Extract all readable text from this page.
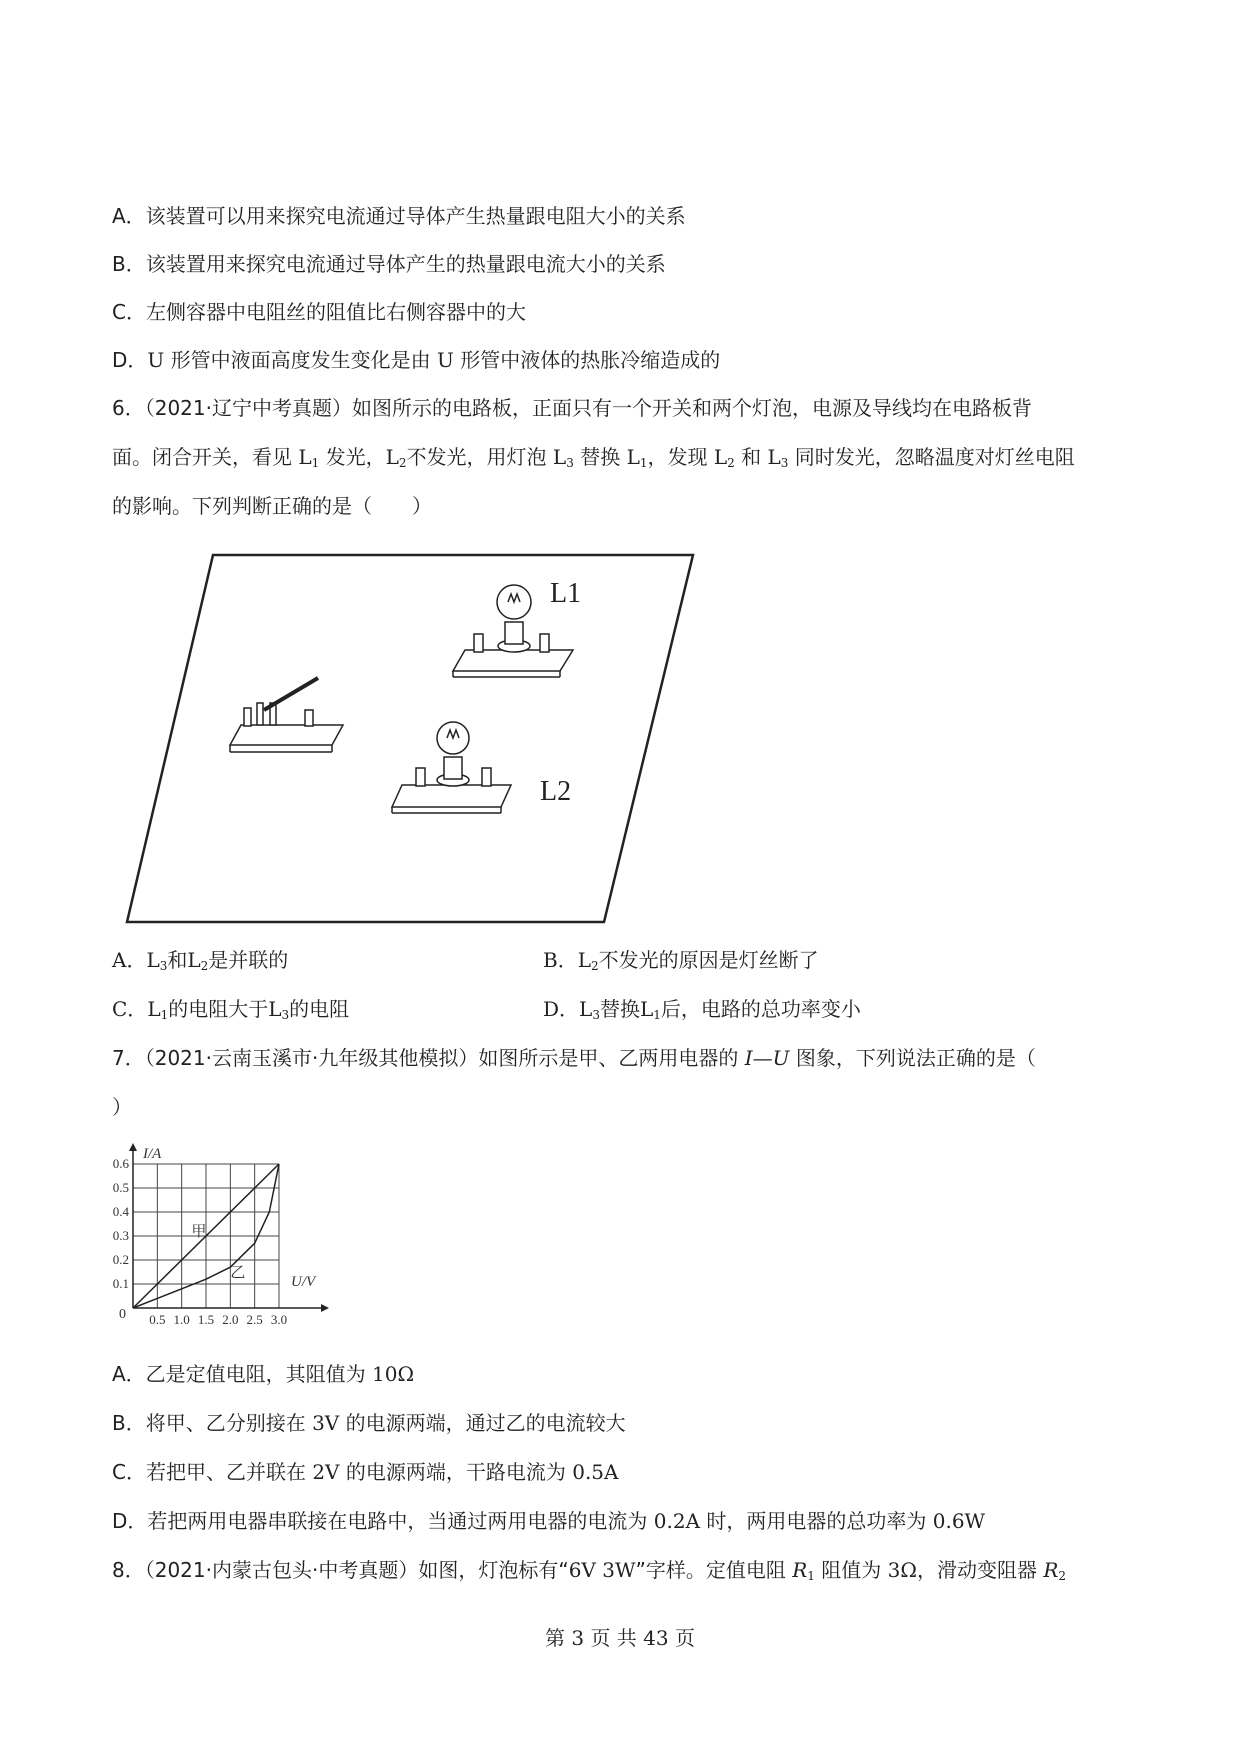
A．该装置可以用来探究电流通过导体产生热量跟电阻大小的关系
B．该装置用来探究电流通过导体产生的热量跟电流大小的关系
C．左侧容器中电阻丝的阻值比右侧容器中的大
D．U 形管中液面高度发生变化是由 U 形管中液体的热胀冷缩造成的
6．（2021·辽宁中考真题）如图所示的电路板，正面只有一个开关和两个灯泡，电源及导线均在电路板背
面。闭合开关，看见 $L_1$ 发光，$L_2$不发光，用灯泡 $L_3$ 替换 $L_1$，发现 $L_2$ 和 $L_3$ 同时发光，忽略温度对灯丝电阻
的影响。下列判断正确的是（　　）
L1
L2
A．$L_3$和$L_2$是并联的	B．$L_2$不发光的原因是灯丝断了
C．$L_1$的电阻大于$L_3$的电阻	D．$L_3$替换$L_1$后，电路的总功率变小
7．（2021·云南玉溪市·九年级其他模拟）如图所示是甲、乙两用电器的 I—U 图象，下列说法正确的是（
）
0.5 1.0 1.5 2.0 2.5 3.0
0.1
0.2
0.3
0.4
0.5
0.6
I/A
U/V
0
甲
乙
A．乙是定值电阻，其阻值为 10Ω
B．将甲、乙分别接在 3V 的电源两端，通过乙的电流较大
C．若把甲、乙并联在 2V 的电源两端，干路电流为 0.5A
D．若把两用电器串联接在电路中，当通过两用电器的电流为 0.2A 时，两用电器的总功率为 0.6W
8．（2021·内蒙古包头·中考真题）如图，灯泡标有“6V 3W”字样。定值电阻 $R_1$ 阻值为 3Ω，滑动变阻器 $R_2$
第 3 页 共 43 页
